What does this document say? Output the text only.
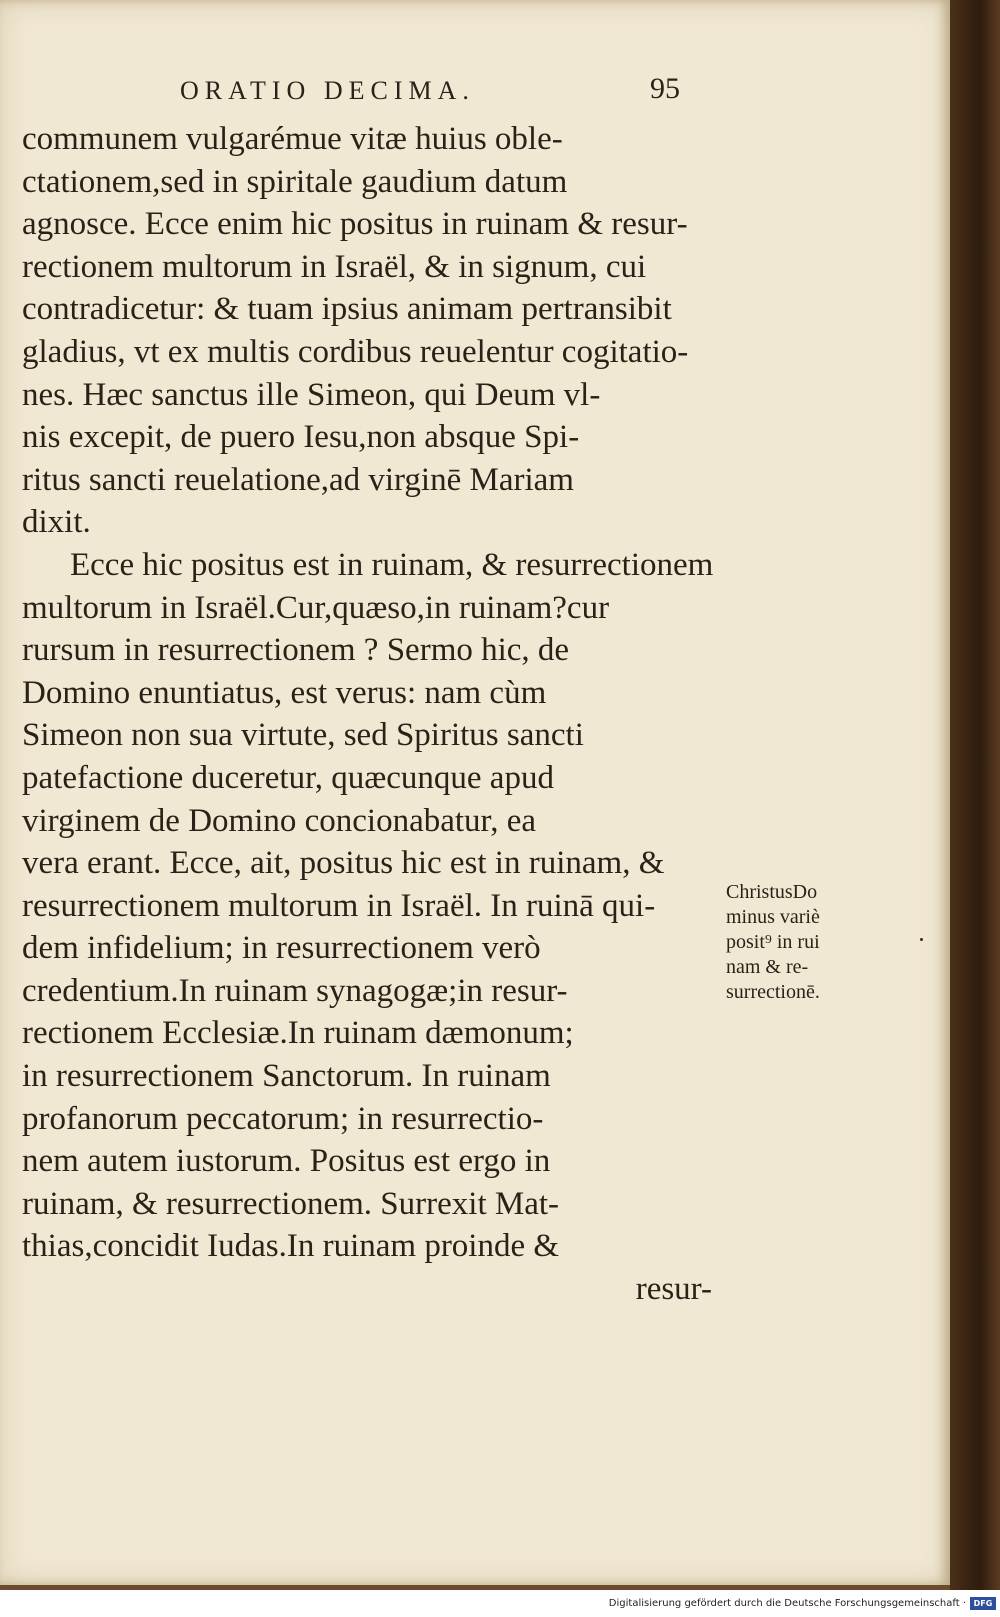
ORATIO DECIMA.	95
communem vulgarémue vitæ huius oble-
ctationem,sed in spiritale gaudium datum
agnosce. Ecce enim hic positus in ruinam & resur-
rectionem multorum in Israël, & in signum, cui
contradicetur: & tuam ipsius animam pertransibit
gladius, vt ex multis cordibus reuelentur cogitatio-
nes. Hæc sanctus ille Simeon, qui Deum vl-
nis excepit, de puero Iesu,non absque Spi-
ritus sancti reuelatione,ad virginē Mariam
dixit.
Ecce hic positus est in ruinam, & resurrectionem
multorum in Israël.Cur,quæso,in ruinam?cur
rursum in resurrectionem ? Sermo hic, de
Domino enuntiatus, est verus: nam cùm
Simeon non sua virtute, sed Spiritus sancti
patefactione duceretur, quæcunque apud
virginem de Domino concionabatur, ea
vera erant. Ecce, ait, positus hic est in ruinam, &
resurrectionem multorum in Israël. In ruinā qui-
dem infidelium; in resurrectionem verò
credentium.In ruinam synagogæ;in resur-
rectionem Ecclesiæ.In ruinam dæmonum;
in resurrectionem Sanctorum. In ruinam
profanorum peccatorum; in resurrectio-
nem autem iustorum. Positus est ergo in
ruinam, & resurrectionem. Surrexit Mat-
thias,concidit Iudas.In ruinam proinde &
resur-
ChristusDo
minus variè
posit⁹ in rui
nam & re-
surrectionē.
Digitalisierung gefördert durch die Deutsche Forschungsgemeinschaft · DFG
